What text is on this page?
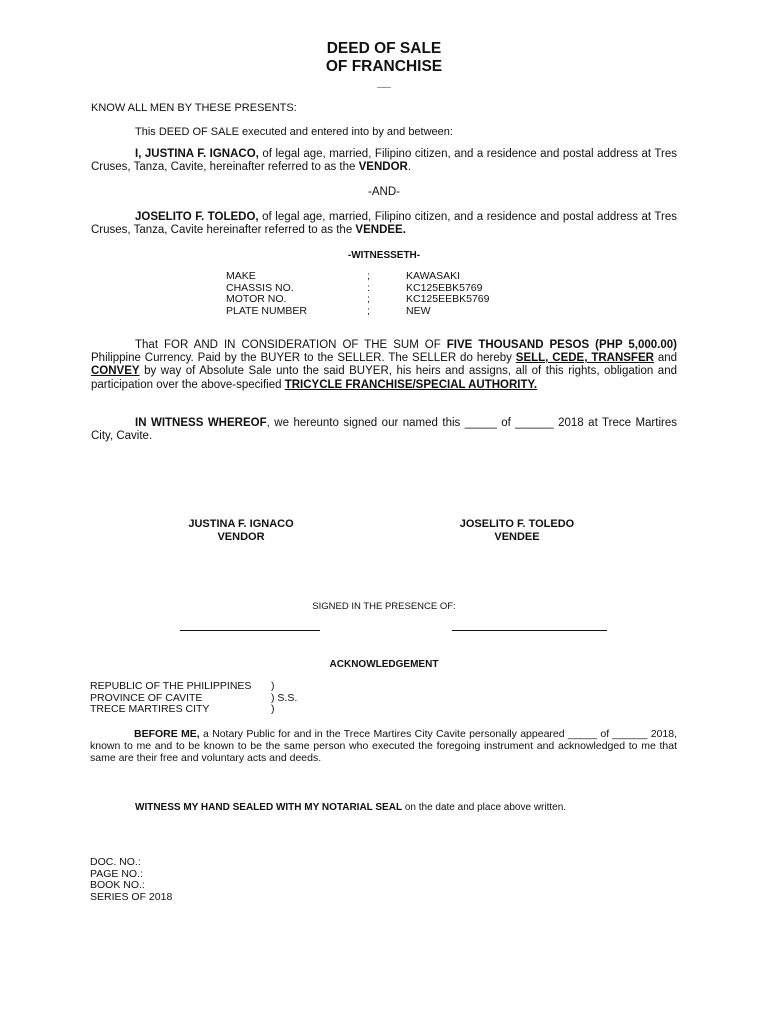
DEED OF SALE
OF FRANCHISE
__
KNOW ALL MEN BY THESE PRESENTS:
This DEED OF SALE executed and entered into by and between:
I, JUSTINA F. IGNACO, of legal age, married, Filipino citizen, and a residence and postal address at Tres Cruses, Tanza, Cavite, hereinafter referred to as the VENDOR.
-AND-
JOSELITO F. TOLEDO, of legal age, married, Filipino citizen, and a residence and postal address at Tres Cruses, Tanza, Cavite hereinafter referred to as the VENDEE.
-WITNESSETH-
MAKE	;	KAWASAKI
CHASSIS NO.	:	KC125EBK5769
MOTOR NO.	;	KC125EEBK5769
PLATE NUMBER	;	NEW
That FOR AND IN CONSIDERATION OF THE SUM OF FIVE THOUSAND PESOS (PHP 5,000.00) Philippine Currency. Paid by the BUYER to the SELLER. The SELLER do hereby SELL, CEDE, TRANSFER and CONVEY by way of Absolute Sale unto the said BUYER, his heirs and assigns, all of this rights, obligation and participation over the above-specified TRICYCLE FRANCHISE/SPECIAL AUTHORITY.
IN WITNESS WHEREOF, we hereunto signed our named this _____ of ______ 2018 at Trece Martires City, Cavite.
JUSTINA F. IGNACO
VENDOR
JOSELITO F. TOLEDO
VENDEE
SIGNED IN THE PRESENCE OF:
ACKNOWLEDGEMENT
REPUBLIC OF THE PHILIPPINES )
PROVINCE OF CAVITE	) S.S.
TRECE MARTIRES CITY	)
BEFORE ME, a Notary Public for and in the Trece Martires City Cavite personally appeared _____ of ______ 2018, known to me and to be known to be the same person who executed the foregoing instrument and acknowledged to me that same are their free and voluntary acts and deeds.
WITNESS MY HAND SEALED WITH MY NOTARIAL SEAL on the date and place above written.
DOC. NO.:
PAGE NO.:
BOOK NO.:
SERIES OF 2018
